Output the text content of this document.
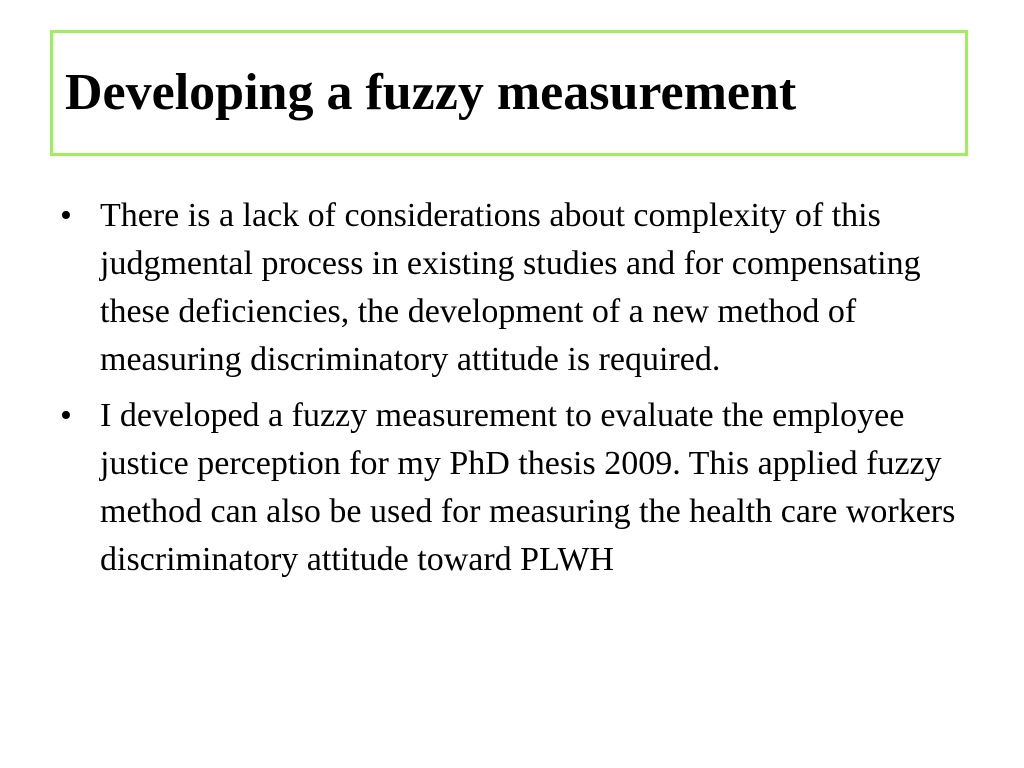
Developing a fuzzy measurement
• There is a lack of considerations about complexity of this judgmental process in existing studies and for compensating these deficiencies, the development of a new method of measuring discriminatory attitude is required.
• I developed a fuzzy measurement to evaluate the employee justice perception for my PhD thesis 2009. This applied fuzzy method can also be used for measuring the health care workers discriminatory attitude toward PLWH
